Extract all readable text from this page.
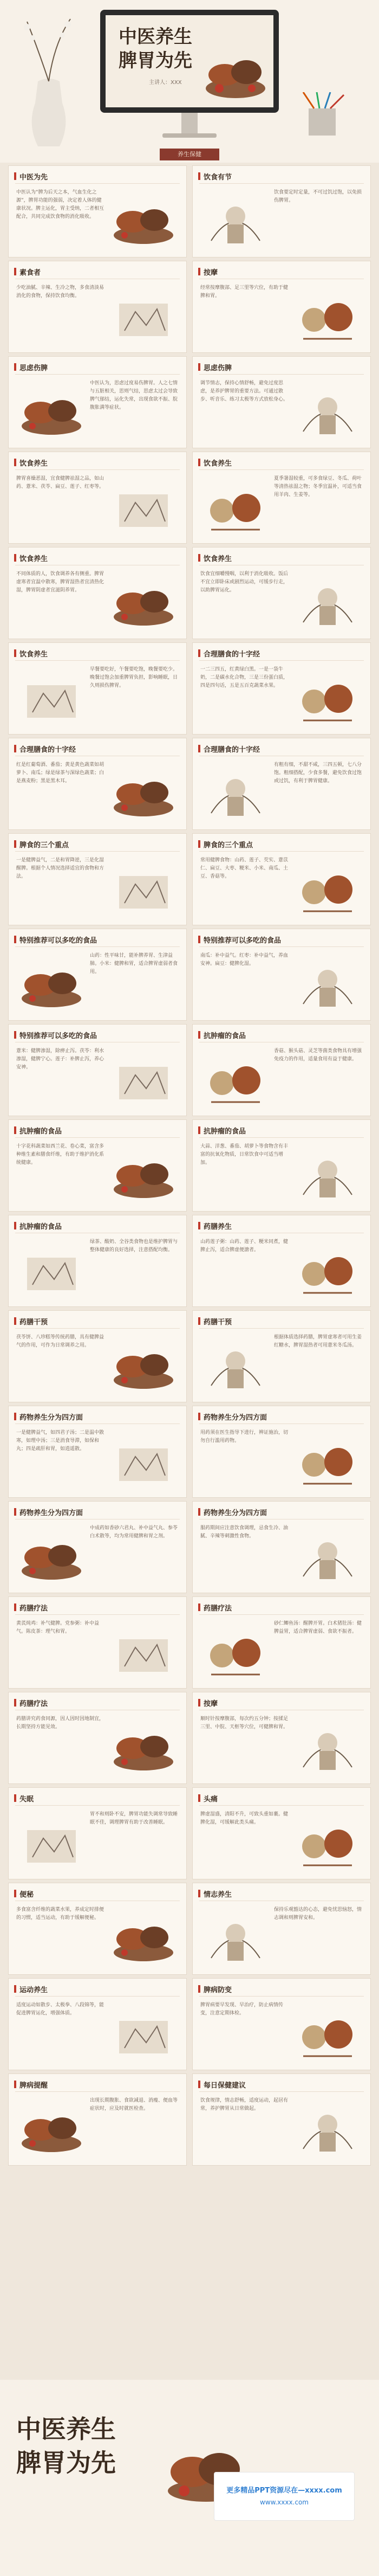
中医养生
脾胃为先
主讲人：XXX
养生保健
中医为先
中医认为“脾为后天之本，气血生化之源”，脾胃功能的强弱，决定着人体的健康状况。脾主运化，胃主受纳，二者相互配合，共同完成饮食物的消化吸收。
饮食有节
饮食要定时定量，不可过饥过饱，以免损伤脾胃。
素食者
少吃油腻、辛辣、生冷之物，多食清淡易消化的食物，保持饮食均衡。
按摩
经常按摩腹部、足三里等穴位，有助于健脾和胃。
思虑伤脾
中医认为，思虑过度易伤脾胃。人之七情与五脏相关，思则气结，思虑太过会导致脾气郁结，运化失常，出现食欲不振、脘腹胀满等症状。
思虑伤脾
调节情志，保持心情舒畅，避免过度思虑，是养护脾胃的重要方法。可通过散步、听音乐、练习太极等方式放松身心。
饮食养生
脾胃喜燥恶湿，宜食健脾祛湿之品，如山药、薏米、茯苓、扁豆、莲子、红枣等。
饮食养生
夏季暑湿较重，可多食绿豆、冬瓜、荷叶等清热祛湿之物；冬季宜温补，可适当食用羊肉、生姜等。
饮食养生
不同体质的人，饮食调养各有侧重。脾胃虚寒者宜温中散寒，脾胃湿热者宜清热化湿，脾胃阴虚者宜滋阴养胃。
饮食养生
饮食宜细嚼慢咽，以利于消化吸收。饭后不宜立即卧床或剧烈运动，可缓步行走，以助脾胃运化。
饮食养生
早餐要吃好，午餐要吃饱，晚餐要吃少。晚餐过饱会加重脾胃负担，影响睡眠，日久则损伤脾胃。
合理膳食的十字经
一二三四五，红黄绿白黑。一是一袋牛奶，二是碳水化合物，三是三份蛋白质，四是四句话，五是五百克蔬菜水果。
合理膳食的十字经
红是红葡萄酒、番茄；黄是黄色蔬菜如胡萝卜、南瓜；绿是绿茶与深绿色蔬菜；白是燕麦粉；黑是黑木耳。
合理膳食的十字经
有粗有细，不甜不咸，三四五顿，七八分饱。粗细搭配，少食多餐，避免饮食过饱或过饥，有利于脾胃健康。
脾食的三个重点
一是健脾益气，二是和胃降逆，三是化湿醒脾。根据个人情况选择适宜的食物和方法。
脾食的三个重点
常用健脾食物：山药、莲子、芡实、薏苡仁、扁豆、大枣、粳米、小米、南瓜、土豆、香菇等。
特别推荐可以多吃的食品
山药：性平味甘，能补脾养胃、生津益肺。小米：健脾和胃，适合脾胃虚弱者食用。
特别推荐可以多吃的食品
南瓜：补中益气。红枣：补中益气，养血安神。扁豆：健脾化湿。
特别推荐可以多吃的食品
薏米：健脾渗湿，除痹止泻。茯苓：利水渗湿，健脾宁心。莲子：补脾止泻，养心安神。
抗肿瘤的食品
香菇、猴头菇、灵芝等菌类食物具有增强免疫力的作用，适量食用有益于健康。
抗肿瘤的食品
十字花科蔬菜如西兰花、卷心菜，富含多种维生素和膳食纤维，有助于维护消化系统健康。
抗肿瘤的食品
大蒜、洋葱、番茄、胡萝卜等食物含有丰富的抗氧化物质，日常饮食中可适当增加。
抗肿瘤的食品
绿茶、酸奶、全谷类食物也是维护脾胃与整体健康的良好选择，注意搭配均衡。
药膳养生
山药莲子粥：山药、莲子、粳米同煮，健脾止泻，适合脾虚便溏者。
药膳干预
茯苓饼、八珍糕等传统药膳，具有健脾益气的作用，可作为日常调养之用。
药膳干预
根据体质选择药膳，脾胃虚寒者可用生姜红糖水，脾胃湿热者可用薏米冬瓜汤。
药物养生分为四方面
一是健脾益气，如四君子汤；二是温中散寒，如理中汤；三是消食导滞，如保和丸；四是疏肝和胃，如逍遥散。
药物养生分为四方面
用药须在医生指导下进行，辨证施治，切勿自行滥用药物。
药物养生分为四方面
中成药如香砂六君丸、补中益气丸、参苓白术散等，均为常用健脾和胃之剂。
药物养生分为四方面
服药期间应注意饮食调理，忌食生冷、油腻、辛辣等刺激性食物。
药膳疗法
黄芪炖鸡：补气健脾。党参粥：补中益气。陈皮茶：理气和胃。
药膳疗法
砂仁鲫鱼汤：醒脾开胃。白术猪肚汤：健脾益胃，适合脾胃虚弱、食欲不振者。
药膳疗法
药膳讲究药食同源，因人因时因地制宜，长期坚持方能见效。
按摩
顺时针按摩腹部，每次约五分钟；按揉足三里、中脘、天枢等穴位，可健脾和胃。
失眠
胃不和则卧不安，脾胃功能失调常导致睡眠不佳，调理脾胃有助于改善睡眠。
头痛
脾虚湿盛，清阳不升，可致头重如裹。健脾化湿，可缓解此类头痛。
便秘
多食富含纤维的蔬菜水果，养成定时排便的习惯，适当运动，有助于缓解便秘。
情志养生
保持乐观豁达的心态，避免忧思恼怒，情志调和则脾胃安和。
运动养生
适度运动如散步、太极拳、八段锦等，能促进脾胃运化，增强体质。
脾病防变
脾胃病要早发现、早治疗，防止病情传变，注意定期体检。
脾病提醒
出现长期腹胀、食欲减退、消瘦、便血等症状时，应及时就医检查。
每日保健建议
饮食规律，情志舒畅，适度运动，起居有常，养护脾胃从日常做起。
中医养生
脾胃为先
更多精品PPT资源尽在—xxxx.com
www.xxxx.com
